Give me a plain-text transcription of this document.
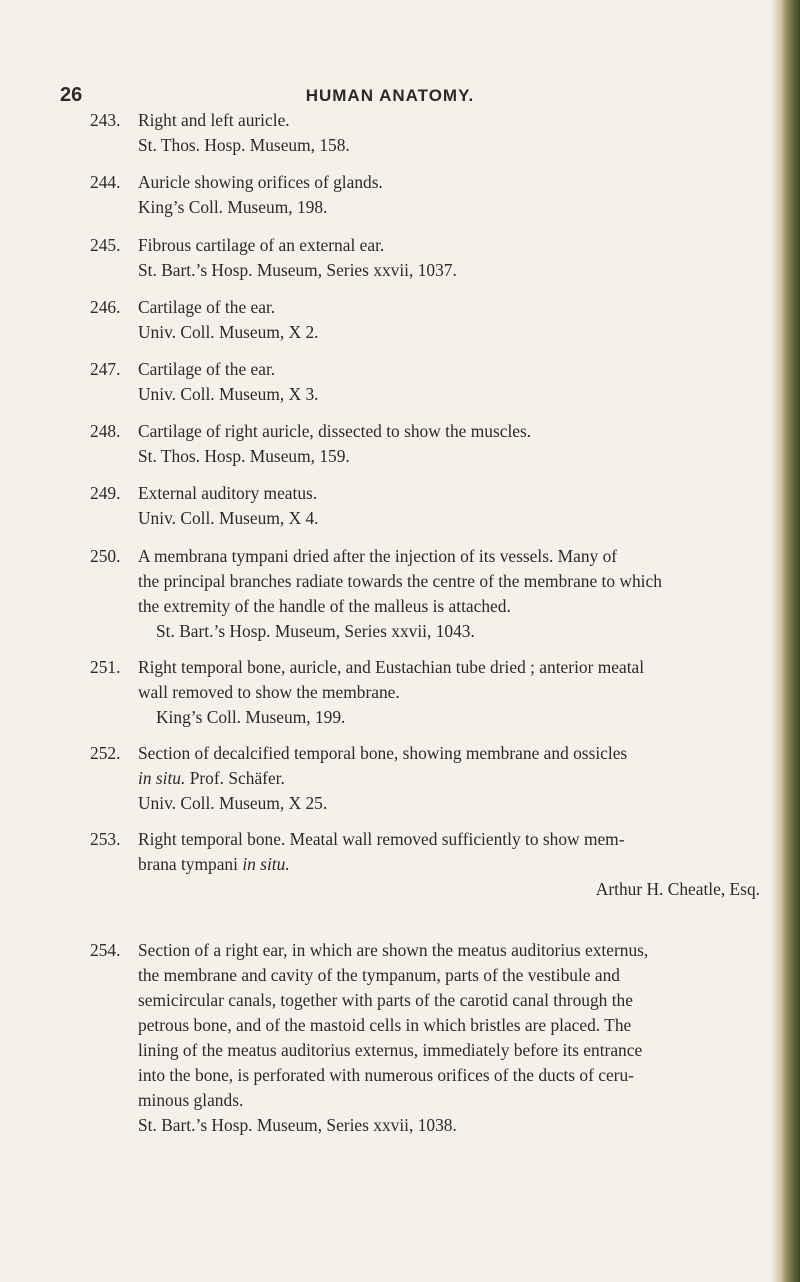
26	HUMAN ANATOMY.
243. Right and left auricle.
St. Thos. Hosp. Museum, 158.
244. Auricle showing orifices of glands.
King’s Coll. Museum, 198.
245. Fibrous cartilage of an external ear.
St. Bart.’s Hosp. Museum, Series xxvii, 1037.
246. Cartilage of the ear.
Univ. Coll. Museum, X 2.
247. Cartilage of the ear.
Univ. Coll. Museum, X 3.
248. Cartilage of right auricle, dissected to show the muscles.
St. Thos. Hosp. Museum, 159.
249. External auditory meatus.
Univ. Coll. Museum, X 4.
250. A membrana tympani dried after the injection of its vessels. Many of
the principal branches radiate towards the centre of the membrane to which
the extremity of the handle of the malleus is attached.
St. Bart.’s Hosp. Museum, Series xxvii, 1043.
251. Right temporal bone, auricle, and Eustachian tube dried ; anterior meatal
wall removed to show the membrane.
King’s Coll. Museum, 199.
252. Section of decalcified temporal bone, showing membrane and ossicles
in situ. Prof. Schäfer.
Univ. Coll. Museum, X 25.
253. Right temporal bone. Meatal wall removed sufficiently to show mem-
brana tympani in situ.
Arthur H. Cheatle, Esq.
254. Section of a right ear, in which are shown the meatus auditorius externus,
the membrane and cavity of the tympanum, parts of the vestibule and
semicircular canals, together with parts of the carotid canal through the
petrous bone, and of the mastoid cells in which bristles are placed. The
lining of the meatus auditorius externus, immediately before its entrance
into the bone, is perforated with numerous orifices of the ducts of ceru-
minous glands.
St. Bart.’s Hosp. Museum, Series xxvii, 1038.
